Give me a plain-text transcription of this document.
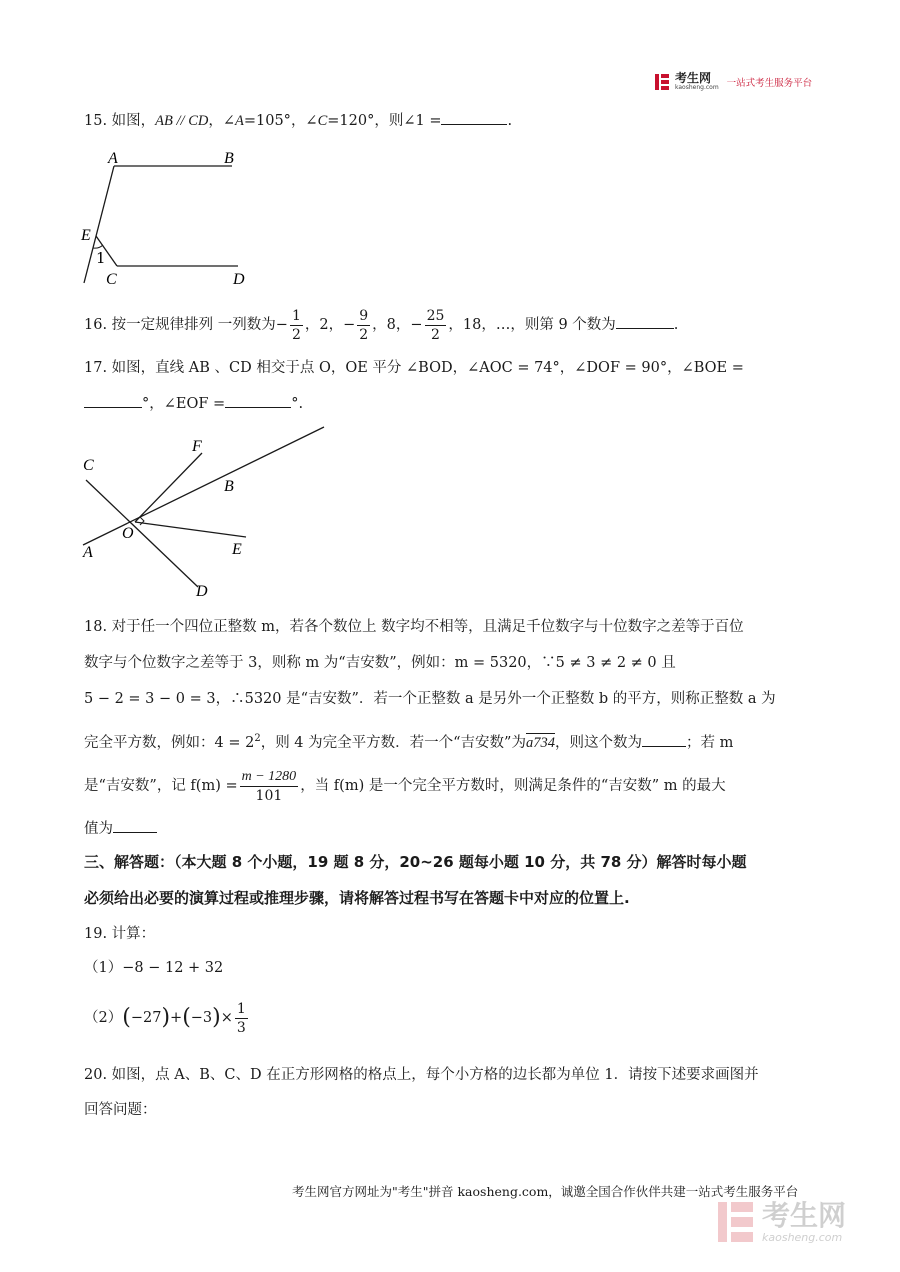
考生网
kaosheng.com 一站式考生服务平台
15. 如图，AB // CD，∠A=105°，∠C=120°，则∠1 =	.
A	B
E
1
C	D
16. 按一定规律排列 一列数为− $\frac{1}{2}$ ，2，− $\frac{9}{2}$ ，8，− $\frac{25}{2}$ ，18，…，则第 9 个数为	.
17. 如图，直线 AB 、CD 相交于点 O，OE 平分 ∠BOD，∠AOC = 74°，∠DOF = 90°，∠BOE =
°，∠EOF =	°.
C
F
B
O
E
A
D
18. 对于任一个四位正整数 m，若各个数位上 数字均不相等，且满足千位数字与十位数字之差等于百位
数字与个位数字之差等于 3，则称 m 为“吉安数”，例如：m = 5320，∵5 ≠ 3 ≠ 2 ≠ 0 且
5 − 2 = 3 − 0 = 3，∴5320 是“吉安数”．若一个正整数 a 是另外一个正整数 b 的平方，则称正整数 a 为
完全平方数，例如：$4 = 2^2$，则 4 为完全平方数．若一个“吉安数”为a734，则这个数为	；若 m
是“吉安数”，记 $f(m) = \frac{m - 1280}{101}$ ，当 f(m) 是一个完全平方数时，则满足条件的“吉安数” m 的最大
值为
三、解答题：（本大题 8 个小题，19 题 8 分，20~26 题每小题 10 分，共 78 分）解答时每小题
必须给出必要的演算过程或推理步骤，请将解答过程书写在答题卡中对应的位置上.
19. 计算：
（1）−8 − 12 + 32
$(2)(-27)+(-3)\times \frac{1}{3}$
20. 如图，点 A、B、C、D 在正方形网格的格点上，每个小方格的边长都为单位 1．请按下述要求画图并
回答问题：
考生网官方网址为"考生"拼音 kaosheng.com，诚邀全国合作伙伴共建一站式考生服务平台
考生网
kaosheng.com
